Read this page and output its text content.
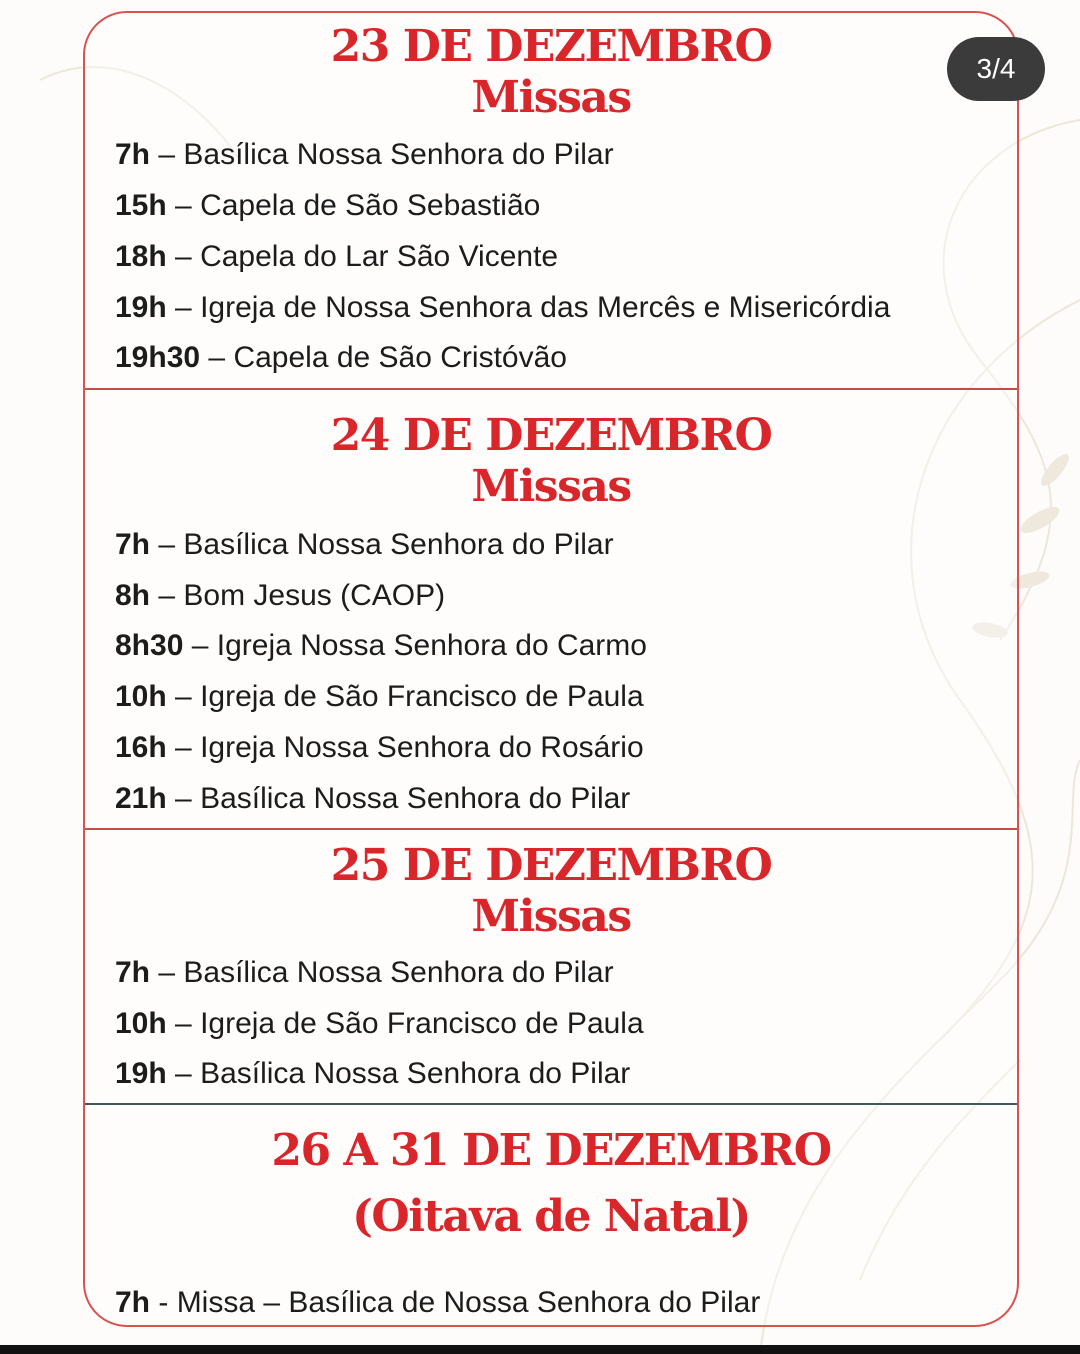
23 DE DEZEMBRO
Missas
7h – Basílica Nossa Senhora do Pilar
15h – Capela de São Sebastião
18h – Capela do Lar São Vicente
19h – Igreja de Nossa Senhora das Mercês e Misericórdia
19h30 – Capela de São Cristóvão
24 DE DEZEMBRO
Missas
7h – Basílica Nossa Senhora do Pilar
8h – Bom Jesus (CAOP)
8h30 – Igreja Nossa Senhora do Carmo
10h – Igreja de São Francisco de Paula
16h – Igreja Nossa Senhora do Rosário
21h – Basílica Nossa Senhora do Pilar
25 DE DEZEMBRO
Missas
7h – Basílica Nossa Senhora do Pilar
10h – Igreja de São Francisco de Paula
19h – Basílica Nossa Senhora do Pilar
26 A 31 DE DEZEMBRO
(Oitava de Natal)
7h - Missa – Basílica de Nossa Senhora do Pilar
3/4
